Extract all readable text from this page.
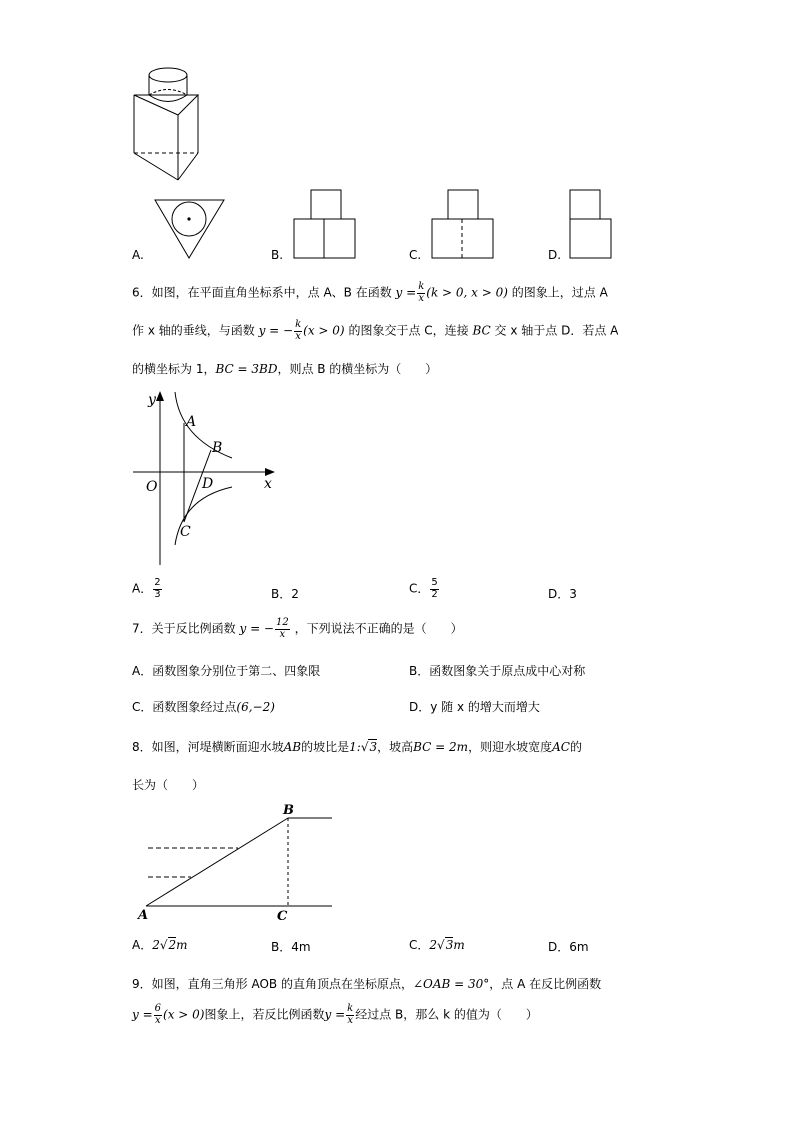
A.	B.	C.	D.
6．如图，在平面直角坐标系中，点 A、B 在函数 $y = \frac{k}{x} (k > 0$, x > 0) 的图象上，过点 A
作 x 轴的垂线，与函数 y = − $\frac{k}{x} (x > 0)$ 的图象交于点 C，连接 BC 交 x 轴于点 D．若点 A
的横坐标为 1，BC = 3BD，则点 B 的横坐标为（　　）
y
x
O
A
B
D
C
A． $\frac{2}{3}$	B．2	C． $\frac{5}{2}$	D．3
7．关于反比例函数 y = − $\frac{12}{x}$ ，下列说法不正确的是（　　）
A．函数图象分别位于第二、四象限	B．函数图象关于原点成中心对称
C．函数图象经过点(6,−2)	D．y 随 x 的增大而增大
8．如图，河堤横断面迎水坡AB的坡比是1:√3，坡高BC = 2m，则迎水坡宽度AC的
长为（　　）
A
B
C
A．2√2m	B．4m	C．2√3m	D．6m
9．如图，直角三角形 AOB 的直角顶点在坐标原点，∠OAB = 30°，点 A 在反比例函数
$y = \frac{6}{x} (x > 0)$图象上，若反比例函数$y = \frac{k}{x}$ 经过点 B，那么 k 的值为（　　）
